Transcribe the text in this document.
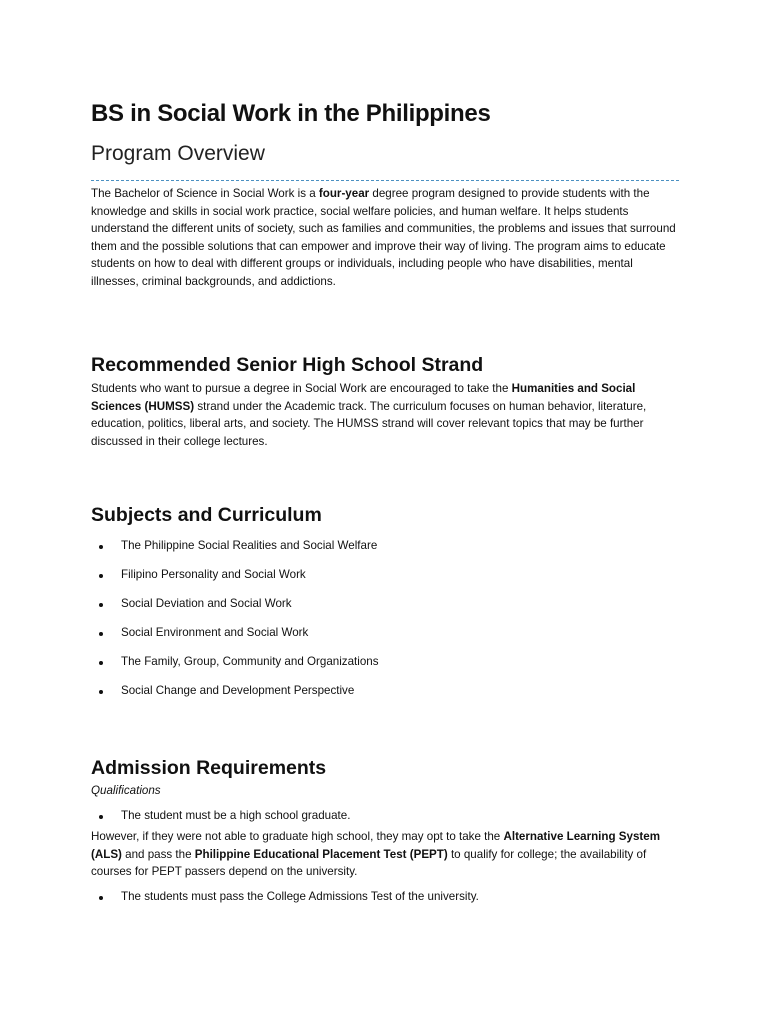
BS in Social Work in the Philippines
Program Overview

The Bachelor of Science in Social Work is a four-year degree program designed to provide students with the knowledge and skills in social work practice, social welfare policies, and human welfare. It helps students understand the different units of society, such as families and communities, the problems and issues that surround them and the possible solutions that can empower and improve their way of living. The program aims to educate students on how to deal with different groups or individuals, including people who have disabilities, mental illnesses, criminal backgrounds, and addictions.

Recommended Senior High School Strand

Students who want to pursue a degree in Social Work are encouraged to take the Humanities and Social Sciences (HUMSS) strand under the Academic track. The curriculum focuses on human behavior, literature, education, politics, liberal arts, and society. The HUMSS strand will cover relevant topics that may be further discussed in their college lectures.

Subjects and Curriculum
The Philippine Social Realities and Social Welfare
Filipino Personality and Social Work
Social Deviation and Social Work
Social Environment and Social Work
The Family, Group, Community and Organizations
Social Change and Development Perspective
Admission Requirements
Qualifications
The student must be a high school graduate.

However, if they were not able to graduate high school, they may opt to take the Alternative Learning System (ALS) and pass the Philippine Educational Placement Test (PEPT) to qualify for college; the availability of courses for PEPT passers depend on the university.

The students must pass the College Admissions Test of the university.
